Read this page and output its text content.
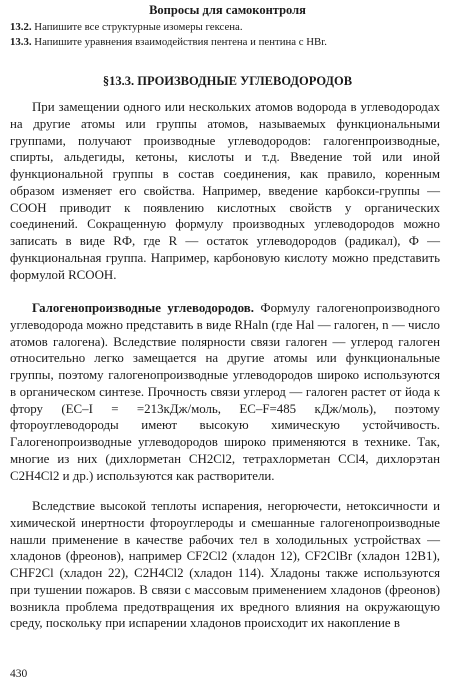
Вопросы для самоконтроля
13.2. Напишите все структурные изомеры гексена.
13.3. Напишите уравнения взаимодействия пентена и пентина с HBr.
§13.3. ПРОИЗВОДНЫЕ УГЛЕВОДОРОДОВ

При замещении одного или нескольких атомов водорода в углеводородах на другие атомы или группы атомов, называемых функциональными группами, получают производные углеводородов: галогенпроизводные, спирты, альдегиды, кетоны, кислоты и т.д. Введение той или иной функциональной группы в состав соединения, как правило, коренным образом изменяет его свойства. Например, введение карбокси-группы — COOH приводит к появлению кислотных свойств у органических соединений. Сокращенную формулу производных углеводородов можно записать в виде RФ, где R — остаток углеводородов (радикал), Ф — функциональная группа. Например, карбоновую кислоту можно представить формулой RCOOH.

Галогенопроизводные углеводородов. Формулу галогенопроизводного углеводорода можно представить в виде RHaln (где Hal — галоген, n — число атомов галогена). Вследствие полярности связи галоген — углерод галоген относительно легко замещается на другие атомы или функциональные группы, поэтому галогенопроизводные углеводородов широко используются в органическом синтезе. Прочность связи углерод — галоген растет от йода к фтору (EC–I = =213кДж/моль, EC–F=485 кДж/моль), поэтому фтороуглеводороды имеют высокую химическую устойчивость. Галогенопроизводные углеводородов широко применяются в технике. Так, многие из них (дихлорметан CH2Cl2, тетрахлорметан CCl4, дихлорэтан C2H4Cl2 и др.) используются как растворители.

Вследствие высокой теплоты испарения, негорючести, нетоксичности и химической инертности фтороуглероды и смешанные галогенопроизводные нашли применение в качестве рабочих тел в холодильных устройствах — хладонов (фреонов), например CF2Cl2 (хладон 12), CF2ClBr (хладон 12В1), CHF2Cl (хладон 22), C2H4Cl2 (хладон 114). Хладоны также используются при тушении пожаров. В связи с массовым применением хладонов (фреонов) возникла проблема предотвращения их вредного влияния на окружающую среду, поскольку при испарении хладонов происходит их накопление в

430
